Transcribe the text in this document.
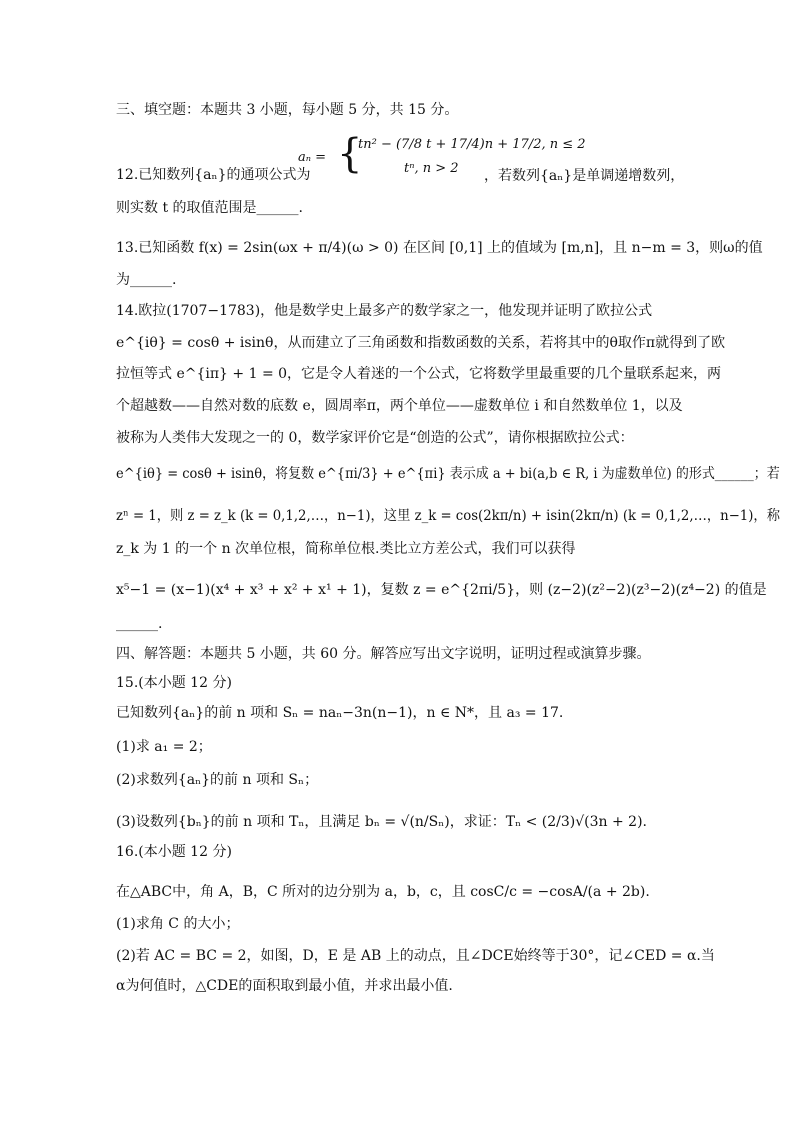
三、填空题：本题共 3 小题，每小题 5 分，共 15 分。
aₙ = {
tn² − (7/8 t + 17/4)n + 17/2, n ≤ 2
tⁿ, n > 2
12.已知数列{aₙ}的通项公式为	，若数列{aₙ}是单调递增数列，
则实数 t 的取值范围是______.
13.已知函数 f(x) = 2sin(ωx + π/4)(ω > 0) 在区间 [0,1] 上的值域为 [m,n]，且 n−m = 3，则ω的值
为______.
14.欧拉(1707−1783)，他是数学史上最多产的数学家之一，他发现并证明了欧拉公式
e^{iθ} = cosθ + isinθ，从而建立了三角函数和指数函数的关系，若将其中的θ取作π就得到了欧
拉恒等式 e^{iπ} + 1 = 0，它是令人着迷的一个公式，它将数学里最重要的几个量联系起来，两
个超越数——自然对数的底数 e，圆周率π，两个单位——虚数单位 i 和自然数单位 1，以及
被称为人类伟大发现之一的 0，数学家评价它是“创造的公式”，请你根据欧拉公式：
e^{iθ} = cosθ + isinθ，将复数 e^{πi/3} + e^{πi} 表示成 a + bi(a,b ∈ R, i 为虚数单位) 的形式______；若
zⁿ = 1，则 z = z_k (k = 0,1,2,…，n−1)，这里 z_k = cos(2kπ/n) + isin(2kπ/n) (k = 0,1,2,…，n−1)，称
z_k 为 1 的一个 n 次单位根，简称单位根.类比立方差公式，我们可以获得
x⁵−1 = (x−1)(x⁴ + x³ + x² + x¹ + 1)，复数 z = e^{2πi/5}，则 (z−2)(z²−2)(z³−2)(z⁴−2) 的值是
______.
四、解答题：本题共 5 小题，共 60 分。解答应写出文字说明，证明过程或演算步骤。
15.(本小题 12 分)
已知数列{aₙ}的前 n 项和 Sₙ = naₙ−3n(n−1)，n ∈ N*，且 a₃ = 17.
(1)求 a₁ = 2；
(2)求数列{aₙ}的前 n 项和 Sₙ；
(3)设数列{bₙ}的前 n 项和 Tₙ，且满足 bₙ = √(n/Sₙ)，求证：Tₙ < (2/3)√(3n + 2).
16.(本小题 12 分)
在△ABC中，角 A，B，C 所对的边分别为 a，b，c，且 cosC/c = −cosA/(a + 2b).
(1)求角 C 的大小；
(2)若 AC = BC = 2，如图，D，E 是 AB 上的动点，且∠DCE始终等于30°，记∠CED = α.当
α为何值时，△CDE的面积取到最小值，并求出最小值.
